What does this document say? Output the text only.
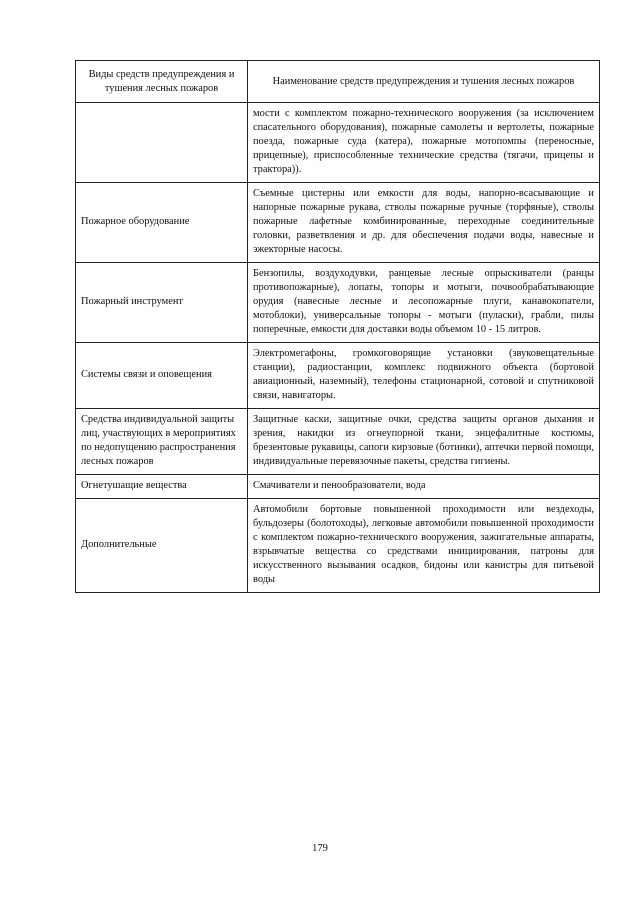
Виды средств предупреждения и тушения лесных пожаров	Наименование средств предупреждения и тушения лесных пожаров
	мости с комплектом пожарно-технического вооружения (за исключением спасательного оборудования), пожарные самолеты и вертолеты, пожарные поезда, пожарные суда (катера), пожарные мотопомпы (переносные, прицепные), приспособленные технические средства (тягачи, прицепы и трактора)).
Пожарное оборудование	Съемные цистерны или емкости для воды, напорно-всасывающие и напорные пожарные рукава, стволы пожарные ручные (торфяные), стволы пожарные лафетные комбинированные, переходные соединительные головки, разветвления и др. для обеспечения подачи воды, навесные и эжекторные насосы.
Пожарный инструмент	Бензопилы, воздуходувки, ранцевые лесные опрыскиватели (ранцы противопожарные), лопаты, топоры и мотыги, почвообрабатывающие орудия (навесные лесные и лесопожарные плуги, канавокопатели, мотоблоки), универсальные топоры - мотыги (пуласки), грабли, пилы поперечные, емкости для доставки воды объемом 10 - 15 литров.
Системы связи и оповещения	Электромегафоны, громкоговорящие установки (звуковещательные станции), радиостанции, комплекс подвижного объекта (бортовой авиационный, наземный), телефоны стационарной, сотовой и спутниковой связи, навигаторы.
Средства индивидуальной защиты лиц, участвующих в мероприятиях по недопущению распространения лесных пожаров	Защитные каски, защитные очки, средства защиты органов дыхания и зрения, накидки из огнеупорной ткани, энцефалитные костюмы, брезентовые рукавицы, сапоги кирзовые (ботинки), аптечки первой помощи, индивидуальные перевязочные пакеты, средства гигиены.
Огнетушащие вещества	Смачиватели и пенообразователи, вода
Дополнительные	Автомобили бортовые повышенной проходимости или вездеходы, бульдозеры (болотоходы), легковые автомобили повышенной проходимости с комплектом пожарно-технического вооружения, зажигательные аппараты, взрывчатые вещества со средствами инициирования, патроны для искусственного вызывания осадков, бидоны или канистры для питьевой воды
179
